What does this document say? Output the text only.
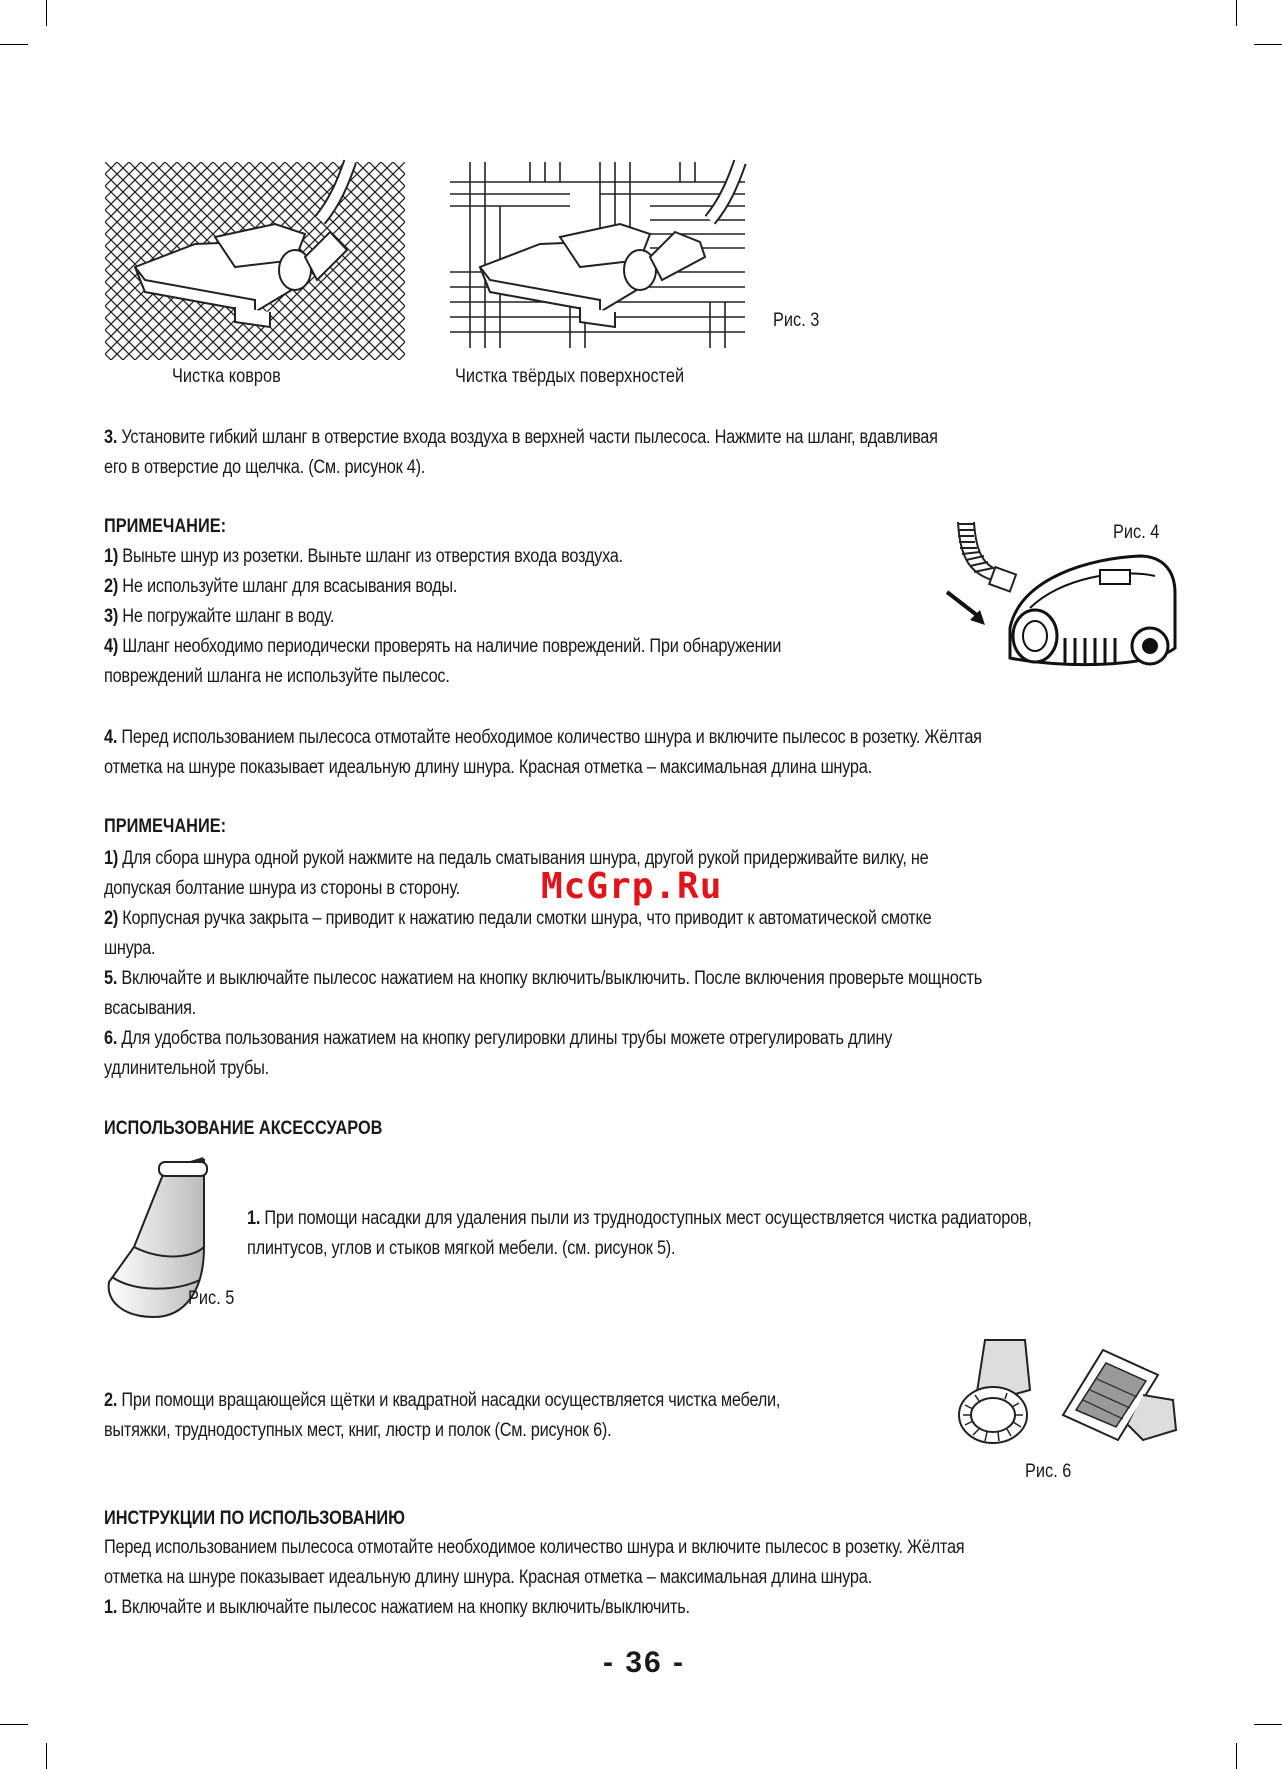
Рис. 3
Чистка ковров	Чистка твёрдых поверхностей
3. Установите гибкий шланг в отверстие входа воздуха в верхней части пылесоса. Нажмите на шланг, вдавливая
его в отверстие до щелчка. (См. рисунок 4).
ПРИМЕЧАНИЕ:
1) Выньте шнур из розетки. Выньте шланг из отверстия входа воздуха.
2) Не используйте шланг для всасывания воды.
3) Не погружайте шланг в воду.
4) Шланг необходимо периодически проверять на наличие повреждений. При обнаружении
повреждений шланга не используйте пылесос.
Рис. 4
4. Перед использованием пылесоса отмотайте необходимое количество шнура и включите пылесос в розетку. Жёлтая
отметка на шнуре показывает идеальную длину шнура. Красная отметка – максимальная длина шнура.
ПРИМЕЧАНИЕ:
1) Для сбора шнура одной рукой нажмите на педаль сматывания шнура, другой рукой придерживайте вилку, не
допуская болтание шнура из стороны в сторону.
2) Корпусная ручка закрыта – приводит к нажатию педали смотки шнура, что приводит к автоматической смотке
шнура.
5. Включайте и выключайте пылесос нажатием на кнопку включить/выключить. После включения проверьте мощность
всасывания.
6. Для удобства пользования нажатием на кнопку регулировки длины трубы можете отрегулировать длину
удлинительной трубы.
McGrp.Ru
ИСПОЛЬЗОВАНИЕ АКСЕССУАРОВ
Рис. 5
1. При помощи насадки для удаления пыли из труднодоступных мест осуществляется чистка радиаторов,
плинтусов, углов и стыков мягкой мебели. (см. рисунок 5).
2. При помощи вращающейся щётки и квадратной насадки осуществляется чистка мебели,
вытяжки, труднодоступных мест, книг, люстр и полок (См. рисунок 6).
Рис. 6
ИНСТРУКЦИИ ПО ИСПОЛЬЗОВАНИЮ
Перед использованием пылесоса отмотайте необходимое количество шнура и включите пылесос в розетку. Жёлтая
отметка на шнуре показывает идеальную длину шнура. Красная отметка – максимальная длина шнура.
1. Включайте и выключайте пылесос нажатием на кнопку включить/выключить.
- 36 -
